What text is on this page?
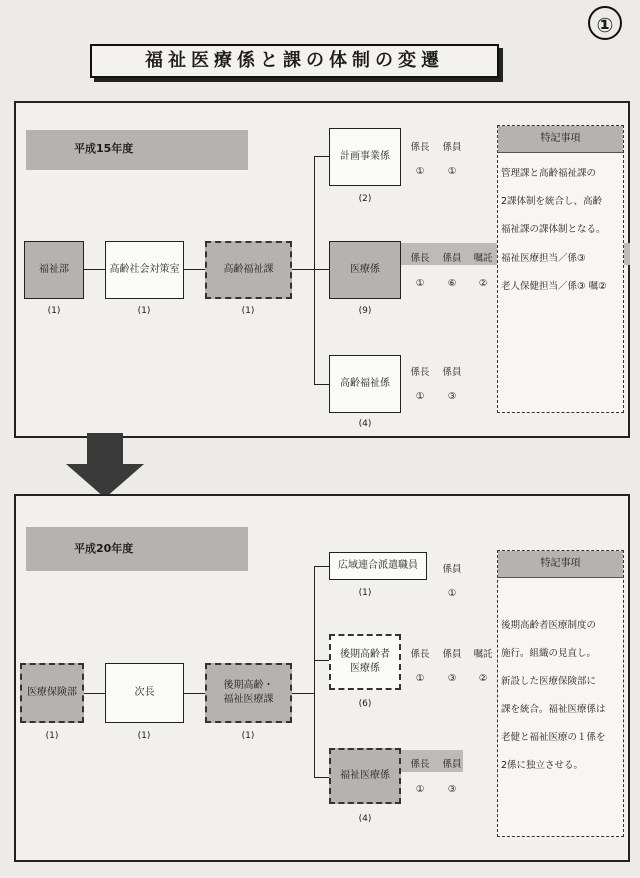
①
福祉医療係と課の体制の変遷
平成15年度
福祉部
(1)
高齢社会対策室
(1)
高齢福祉課
(1)
計画事業係
(2)
係長	係員
①	①
医療係
(9)
係長	係員	嘱託
①	⑥	②
高齢福祉係
(4)
係長	係員
①	③
特記事項
管理課と高齢福祉課の
2課体制を統合し、高齢
福祉課の課体制となる。
福祉医療担当／係③
老人保健担当／係③ 嘱②
平成20年度
医療保険部
(1)
次長
(1)
後期高齢・
福祉医療課
(1)
広域連合派遣職員
(1)
係員
①
後期高齢者
医療係
(6)
係長	係員	嘱託
①	③	②
福祉医療係
(4)
係長	係員
①	③
特記事項
後期高齢者医療制度の
施行。組織の見直し。
新設した医療保険部に
課を統合。福祉医療係は
老健と福祉医療の１係を
2係に独立させる。
